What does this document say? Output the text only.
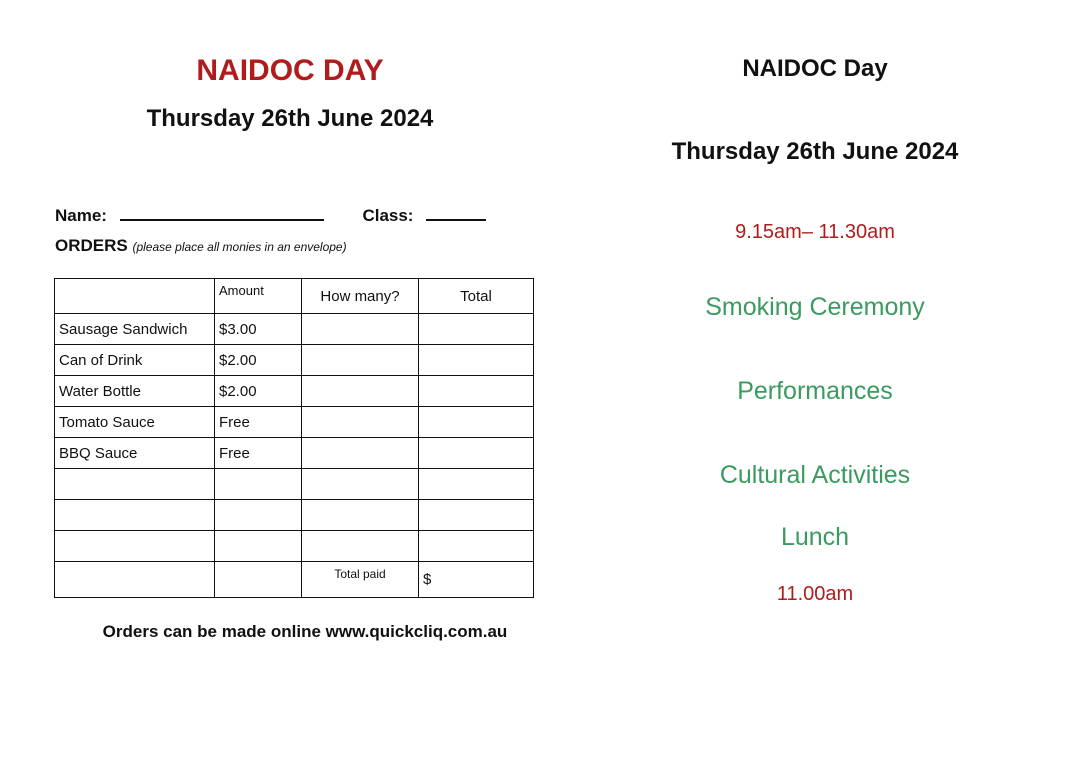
NAIDOC DAY
Thursday 26th June 2024
Name:	Class:
ORDERS (please place all monies in an envelope)
	Amount	How many?	Total
Sausage Sandwich	$3.00		
Can of Drink	$2.00		
Water Bottle	$2.00		
Tomato Sauce	Free		
BBQ Sauce	Free		

		Total paid	$
Orders can be made online www.quickcliq.com.au
NAIDOC Day
Thursday 26th June 2024
9.15am– 11.30am
Smoking Ceremony
Performances
Cultural Activities
Lunch
11.00am
